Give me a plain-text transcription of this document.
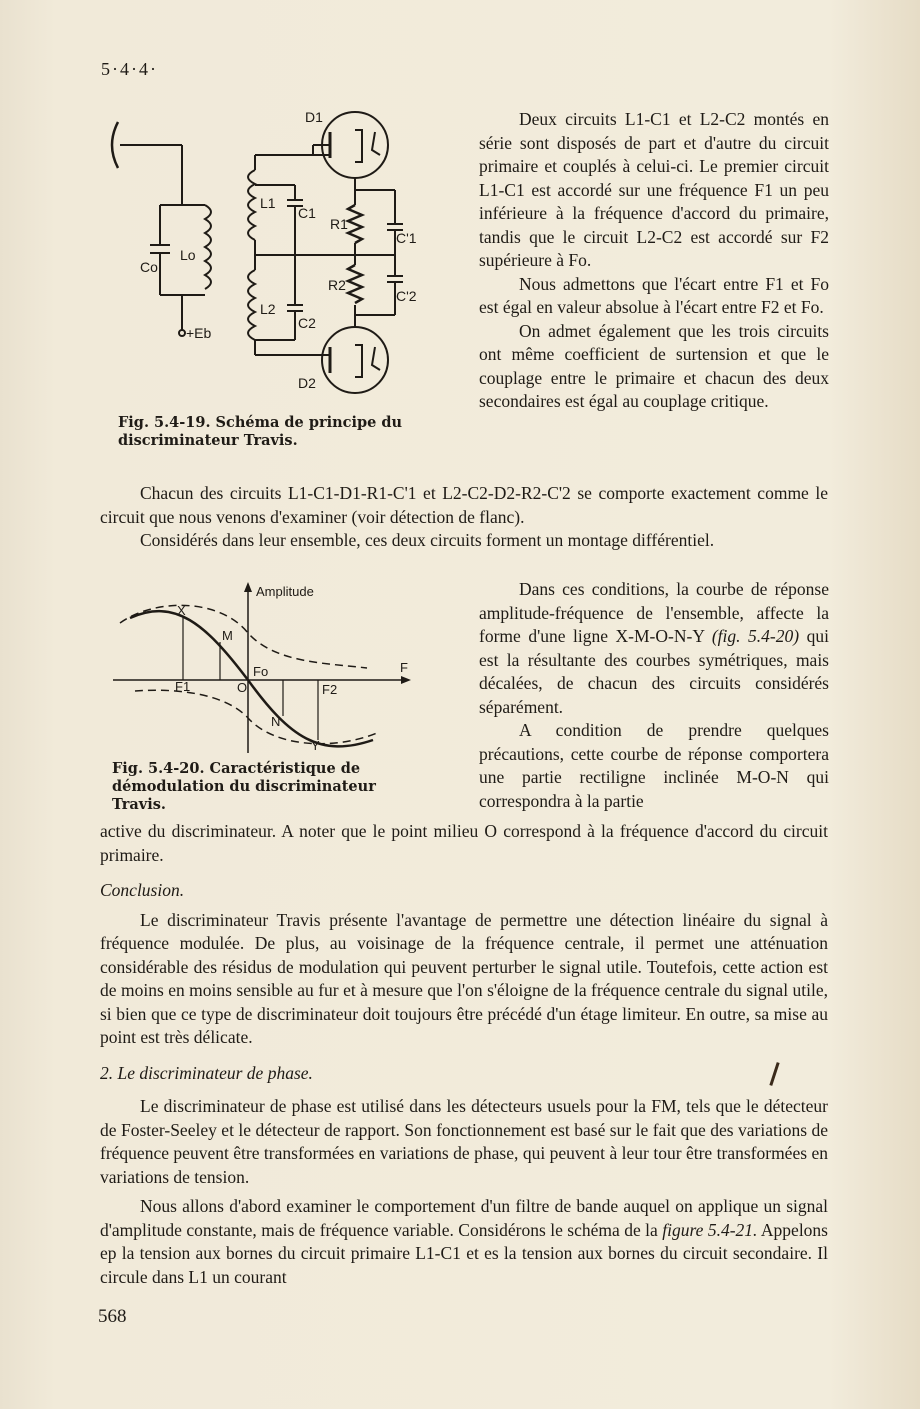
5·4·4·
D1
D2
L1
L2
Lo
Co
C1
C2
R1
R2
C'1
C'2
+Eb
Fig. 5.4-19. Schéma de principe du discriminateur Travis.

Deux circuits L1-C1 et L2-C2 montés en série sont disposés de part et d'autre du circuit primaire et couplés à celui-ci. Le premier circuit L1-C1 est accordé sur une fréquence F1 un peu inférieure à la fréquence d'accord du primaire, tandis que le circuit L2-C2 est accordé sur F2 supérieure à Fo.

Nous admettons que l'écart entre F1 et Fo est égal en valeur absolue à l'écart entre F2 et Fo.

On admet également que les trois circuits ont même coefficient de surtension et que le couplage entre le primaire et chacun des deux secondaires est égal au couplage critique.

Chacun des circuits L1-C1-D1-R1-C'1 et L2-C2-D2-R2-C'2 se comporte exactement comme le circuit que nous venons d'examiner (voir détection de flanc).

Considérés dans leur ensemble, ces deux circuits forment un montage différentiel.

Amplitude
F
F1	F2
Fo
O
X
M
N
Y
Fig. 5.4-20. Caractéristique de démodulation du discriminateur Travis.

Dans ces conditions, la courbe de réponse amplitude-fréquence de l'ensemble, affecte la forme d'une ligne X-M-O-N-Y (fig. 5.4-20) qui est la résultante des courbes symétriques, mais décalées, de chacun des circuits considérés séparément.

A condition de prendre quelques précautions, cette courbe de réponse comportera une partie rectiligne inclinée M-O-N qui correspondra à la partie

active du discriminateur. A noter que le point milieu O correspond à la fréquence d'accord du circuit primaire.

Conclusion.

Le discriminateur Travis présente l'avantage de permettre une détection linéaire du signal à fréquence modulée. De plus, au voisinage de la fréquence centrale, il permet une atténuation considérable des résidus de modulation qui peuvent perturber le signal utile. Toutefois, cette action est de moins en moins sensible au fur et à mesure que l'on s'éloigne de la fréquence centrale du signal utile, si bien que ce type de discriminateur doit toujours être précédé d'un étage limiteur. En outre, sa mise au point est très délicate.

2. Le discriminateur de phase.

Le discriminateur de phase est utilisé dans les détecteurs usuels pour la FM, tels que le détecteur de Foster-Seeley et le détecteur de rapport. Son fonctionnement est basé sur le fait que des variations de fréquence peuvent être transformées en variations de phase, qui peuvent à leur tour être transformées en variations de tension.

Nous allons d'abord examiner le comportement d'un filtre de bande auquel on applique un signal d'amplitude constante, mais de fréquence variable. Considérons le schéma de la figure 5.4-21. Appelons ep la tension aux bornes du circuit primaire L1-C1 et es la tension aux bornes du circuit secondaire. Il circule dans L1 un courant

568
